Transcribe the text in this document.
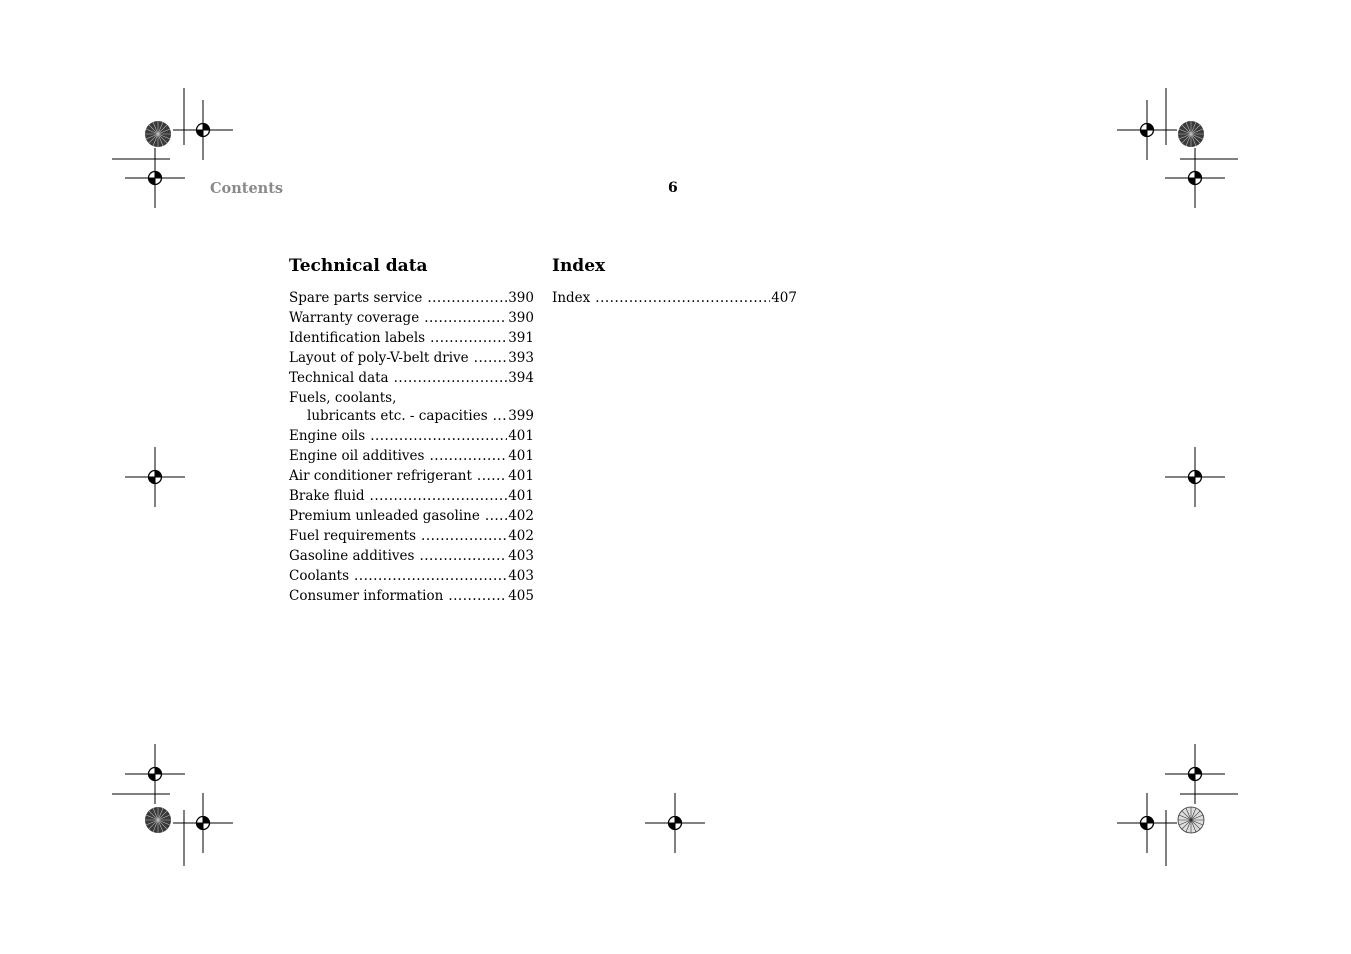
Contents	6
Technical data
Spare parts service .....	390
Warranty coverage .....	390
Identification labels .....	391
Layout of poly-V-belt drive .....	393
Technical data .....	394
Fuels, coolants,
lubricants etc. - capacities ..... 399
Engine oils .....	401
Engine oil additives .....	401
Air conditioner refrigerant .....	401
Brake fluid .....	401
Premium unleaded gasoline ..... 402
Fuel requirements .....	402
Gasoline additives .....	403
Coolants .....	403
Consumer information .....	405
Index
Index .....	407
